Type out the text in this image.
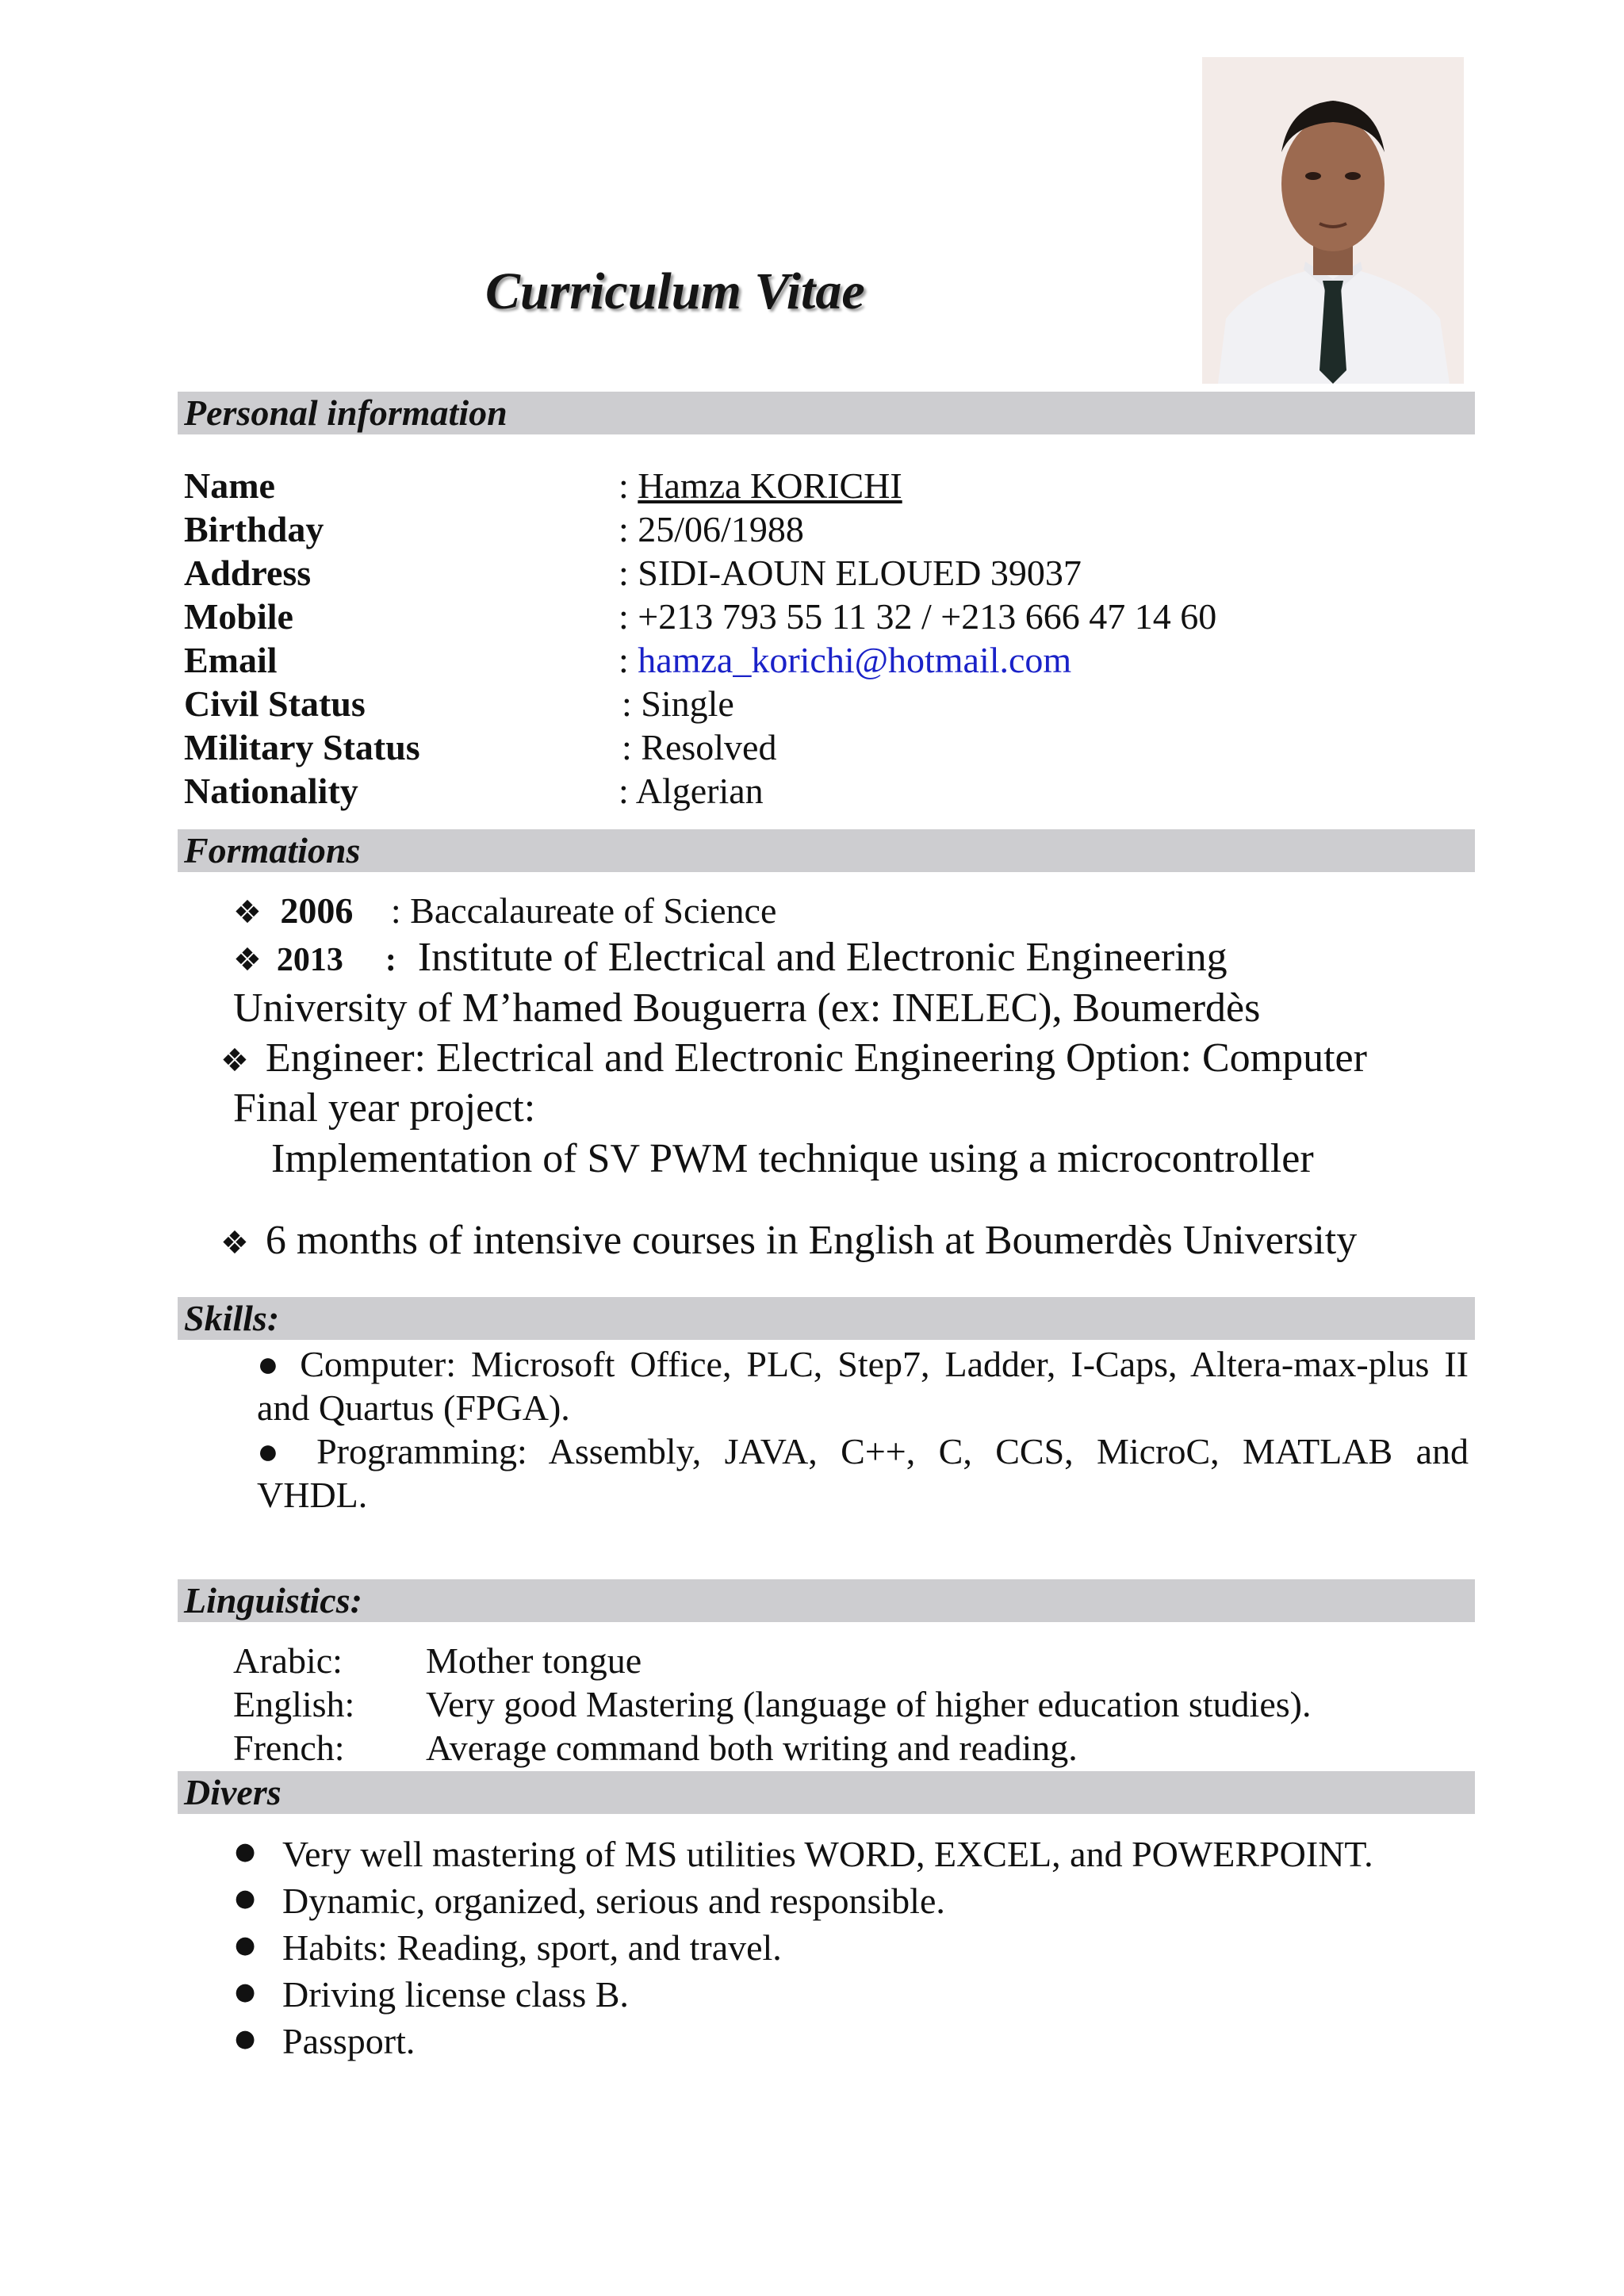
Curriculum Vitae
Personal information
Name
Birthday
Address
Mobile
Email
Civil Status
Military Status
Nationality
: Hamza KORICHI
: 25/06/1988
: SIDI-AOUN ELOUED 39037
: +213 793 55 11 32 / +213 666 47 14 60
: hamza_korichi@hotmail.com
: Single
: Resolved
: Algerian
Formations
❖ 2006 : Baccalaureate of Science
❖ 2013 : Institute of Electrical and Electronic Engineering
University of M’hamed Bouguerra (ex: INELEC), Boumerdès
❖ Engineer: Electrical and Electronic Engineering Option: Computer
Final year project:
Implementation of SV PWM technique using a microcontroller
❖ 6 months of intensive courses in English at Boumerdès University
Skills:
● Computer: Microsoft Office, PLC, Step7, Ladder, I-Caps, Altera-max-plus II
and Quartus (FPGA).
● Programming: Assembly, JAVA, C++, C, CCS, MicroC, MATLAB and
VHDL.
Linguistics:
Arabic: Mother tongue
English: Very good Mastering (language of higher education studies).
French: Average command both writing and reading.
Divers
● Very well mastering of MS utilities WORD, EXCEL, and POWERPOINT.
● Dynamic, organized, serious and responsible.
● Habits: Reading, sport, and travel.
● Driving license class B.
● Passport.
